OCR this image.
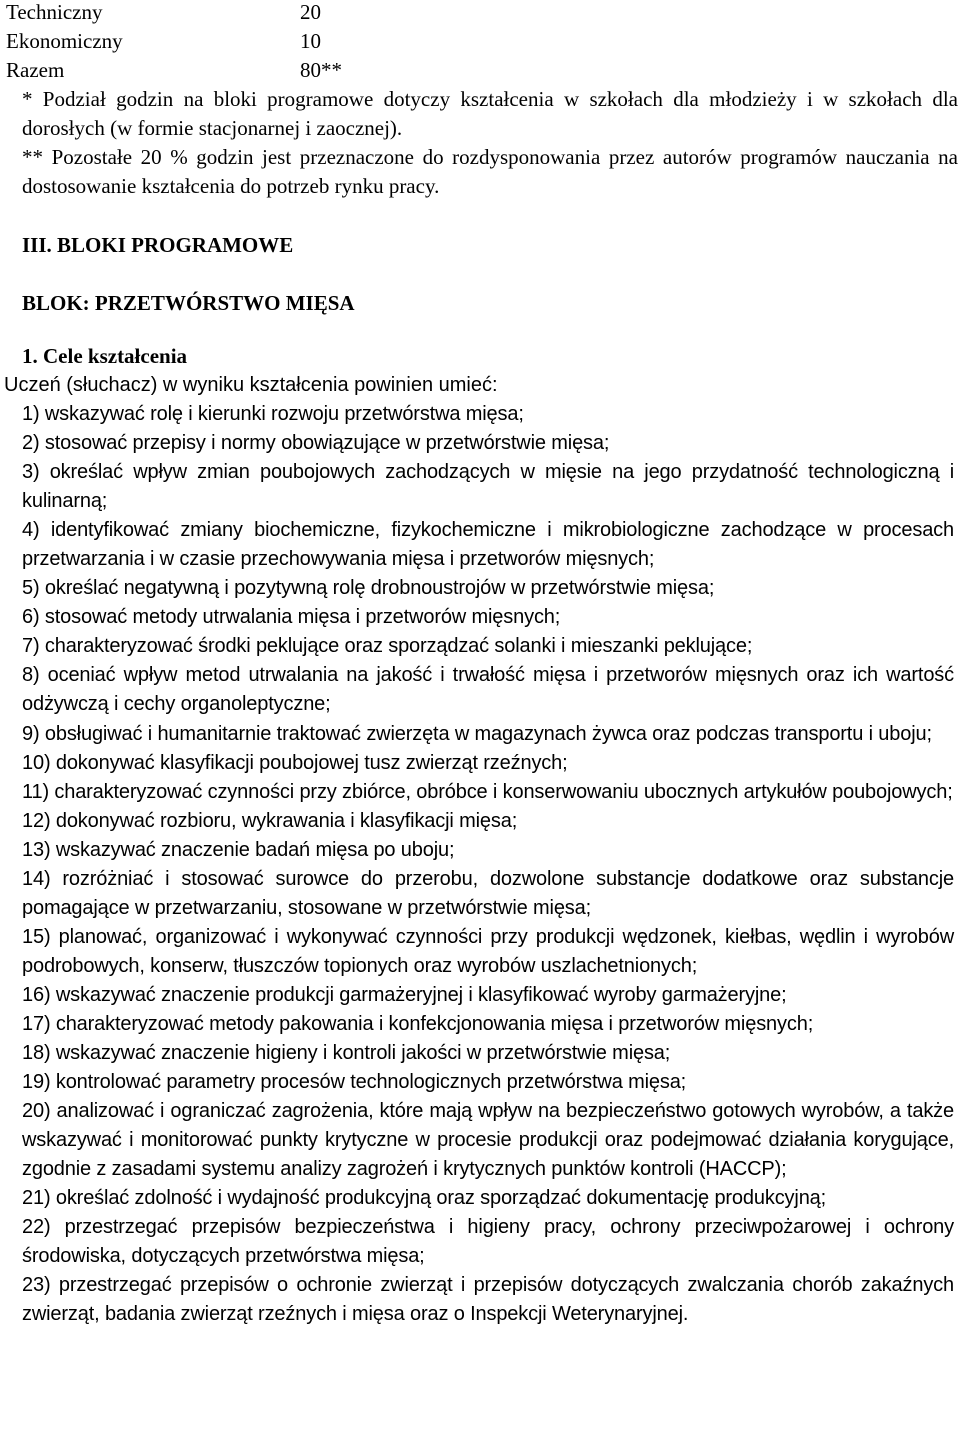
Techniczny	20
Ekonomiczny	10
Razem	80**
* Podział godzin na bloki programowe dotyczy kształcenia w szkołach dla młodzieży i w szkołach dla dorosłych (w formie stacjonarnej i zaocznej).
** Pozostałe 20 % godzin jest przeznaczone do rozdysponowania przez autorów programów nauczania na dostosowanie kształcenia do potrzeb rynku pracy.
III. BLOKI PROGRAMOWE
BLOK: PRZETWÓRSTWO MIĘSA
1. Cele kształcenia
Uczeń (słuchacz) w wyniku kształcenia powinien umieć:
1) wskazywać rolę i kierunki rozwoju przetwórstwa mięsa;
2) stosować przepisy i normy obowiązujące w przetwórstwie mięsa;
3) określać wpływ zmian poubojowych zachodzących w mięsie na jego przydatność technologiczną i kulinarną;
4) identyfikować zmiany biochemiczne, fizykochemiczne i mikrobiologiczne zachodzące w procesach przetwarzania i w czasie przechowywania mięsa i przetworów mięsnych;
5) określać negatywną i pozytywną rolę drobnoustrojów w przetwórstwie mięsa;
6) stosować metody utrwalania mięsa i przetworów mięsnych;
7) charakteryzować środki peklujące oraz sporządzać solanki i mieszanki peklujące;
8) oceniać wpływ metod utrwalania na jakość i trwałość mięsa i przetworów mięsnych oraz ich wartość odżywczą i cechy organoleptyczne;
9) obsługiwać i humanitarnie traktować zwierzęta w magazynach żywca oraz podczas transportu i uboju;
10) dokonywać klasyfikacji poubojowej tusz zwierząt rzeźnych;
11) charakteryzować czynności przy zbiórce, obróbce i konserwowaniu ubocznych artykułów poubojowych;
12) dokonywać rozbioru, wykrawania i klasyfikacji mięsa;
13) wskazywać znaczenie badań mięsa po uboju;
14) rozróżniać i stosować surowce do przerobu, dozwolone substancje dodatkowe oraz substancje pomagające w przetwarzaniu, stosowane w przetwórstwie mięsa;
15) planować, organizować i wykonywać czynności przy produkcji wędzonek, kiełbas, wędlin i wyrobów podrobowych, konserw, tłuszczów topionych oraz wyrobów uszlachetnionych;
16) wskazywać znaczenie produkcji garmażeryjnej i klasyfikować wyroby garmażeryjne;
17) charakteryzować metody pakowania i konfekcjonowania mięsa i przetworów mięsnych;
18) wskazywać znaczenie higieny i kontroli jakości w przetwórstwie mięsa;
19) kontrolować parametry procesów technologicznych przetwórstwa mięsa;
20) analizować i ograniczać zagrożenia, które mają wpływ na bezpieczeństwo gotowych wyrobów, a także wskazywać i monitorować punkty krytyczne w procesie produkcji oraz podejmować działania korygujące, zgodnie z zasadami systemu analizy zagrożeń i krytycznych punktów kontroli (HACCP);
21) określać zdolność i wydajność produkcyjną oraz sporządzać dokumentację produkcyjną;
22) przestrzegać przepisów bezpieczeństwa i higieny pracy, ochrony przeciwpożarowej i ochrony środowiska, dotyczących przetwórstwa mięsa;
23) przestrzegać przepisów o ochronie zwierząt i przepisów dotyczących zwalczania chorób zakaźnych zwierząt, badania zwierząt rzeźnych i mięsa oraz o Inspekcji Weterynaryjnej.
